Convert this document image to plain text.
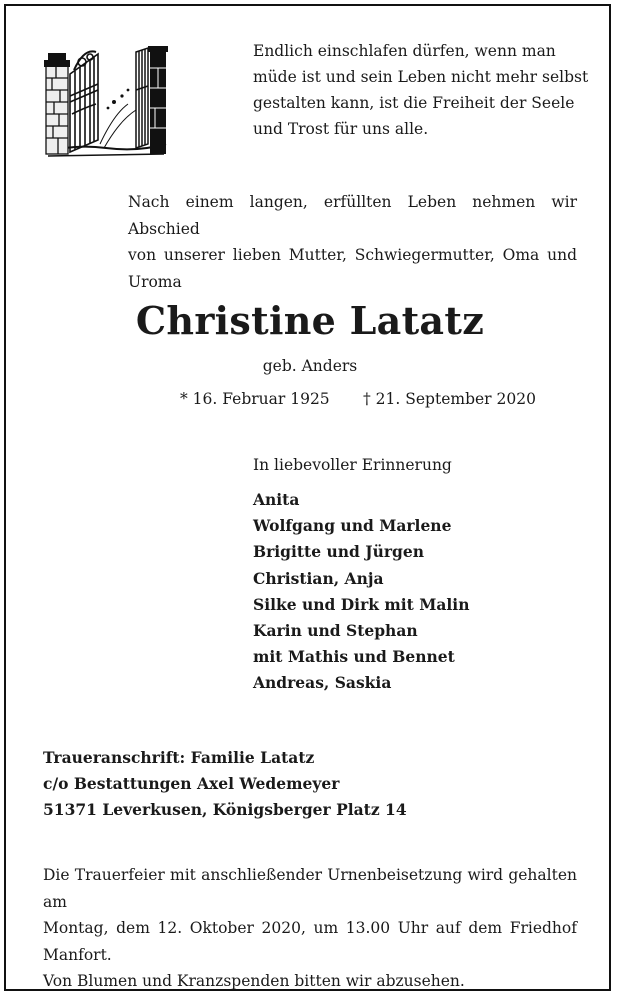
Endlich einschlafen dürfen, wenn man
müde ist und sein Leben nicht mehr selbst
gestalten kann, ist die Freiheit der Seele
und Trost für uns alle.
Nach einem langen, erfüllten Leben nehmen wir Abschied
von unserer lieben Mutter, Schwiegermutter, Oma und
Uroma
Christine Latatz
geb. Anders
* 16. Februar 1925 † 21. September 2020
In liebevoller Erinnerung
Anita
Wolfgang und Marlene
Brigitte und Jürgen
Christian, Anja
Silke und Dirk mit Malin
Karin und Stephan
mit Mathis und Bennet
Andreas, Saskia
Traueranschrift: Familie Latatz
c/o Bestattungen Axel Wedemeyer
51371 Leverkusen, Königsberger Platz 14
Die Trauerfeier mit anschließender Urnenbeisetzung wird gehalten am
Montag, dem 12. Oktober 2020, um 13.00 Uhr auf dem Friedhof
Manfort.
Von Blumen und Kranzspenden bitten wir abzusehen.
